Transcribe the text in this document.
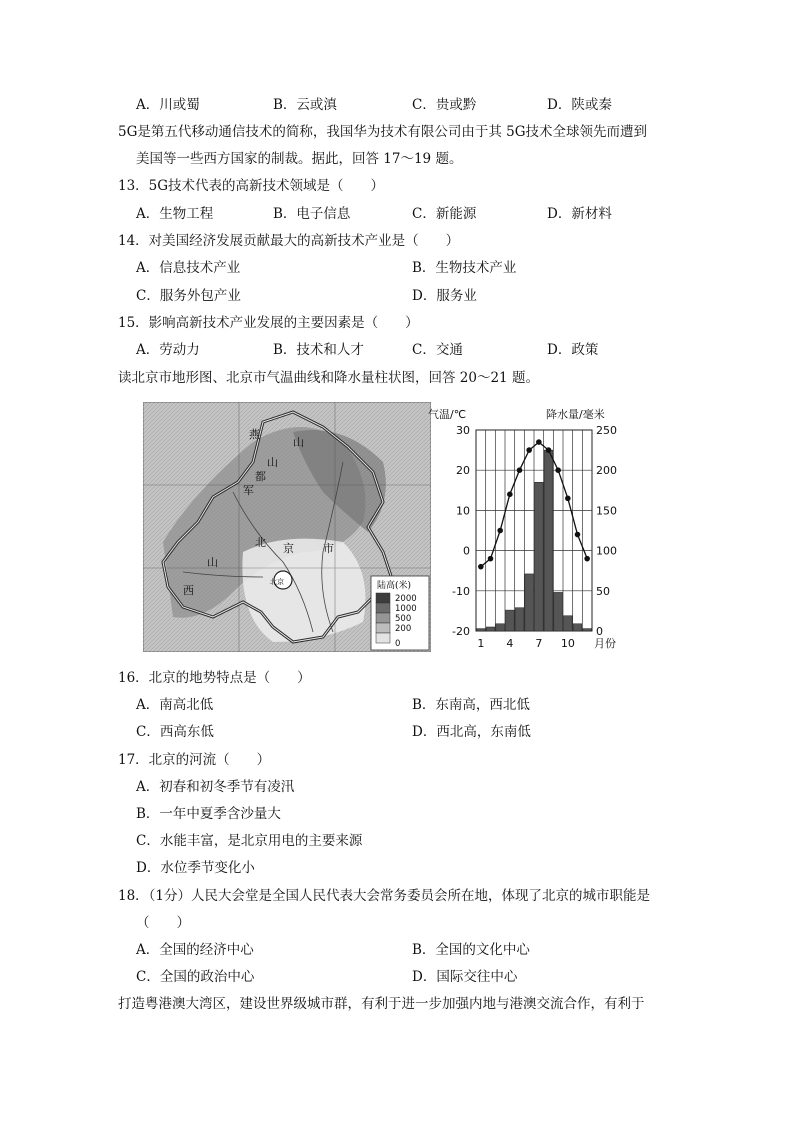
A．川或蜀	B．云或滇	C．贵或黔	D．陕或秦
5G是第五代移动通信技术的简称，我国华为技术有限公司由于其 5G技术全球领先而遭到
美国等一些西方国家的制裁。据此，回答 17～19 题。
13．5G技术代表的高新技术领域是（　　）
A．生物工程	B．电子信息	C．新能源	D．新材料
14．对美国经济发展贡献最大的高新技术产业是（　　）
A．信息技术产业	B．生物技术产业
C．服务外包产业	D．服务业
15．影响高新技术产业发展的主要因素是（　　）
A．劳动力	B．技术和人才	C．交通	D．政策
读北京市地形图、北京市气温曲线和降水量柱状图，回答 20～21 题。
燕
山
军
都
山
北 京	市
西
山
北京	陆高(米)
2000
1000
500
200
0
气温/℃	降水量/毫米
30
20
10
0
-10
-20
250
200
150
100
50
0
1 4 7 10 月份
16．北京的地势特点是（　　）
A．南高北低	B．东南高，西北低
C．西高东低	D．西北高，东南低
17．北京的河流（　　）
A．初春和初冬季节有凌汛
B．一年中夏季含沙量大
C．水能丰富，是北京用电的主要来源
D．水位季节变化小
18．（1分）人民大会堂是全国人民代表大会常务委员会所在地，体现了北京的城市职能是
（　　）
A．全国的经济中心	B．全国的文化中心
C．全国的政治中心	D．国际交往中心
打造粤港澳大湾区，建设世界级城市群，有利于进一步加强内地与港澳交流合作，有利于
